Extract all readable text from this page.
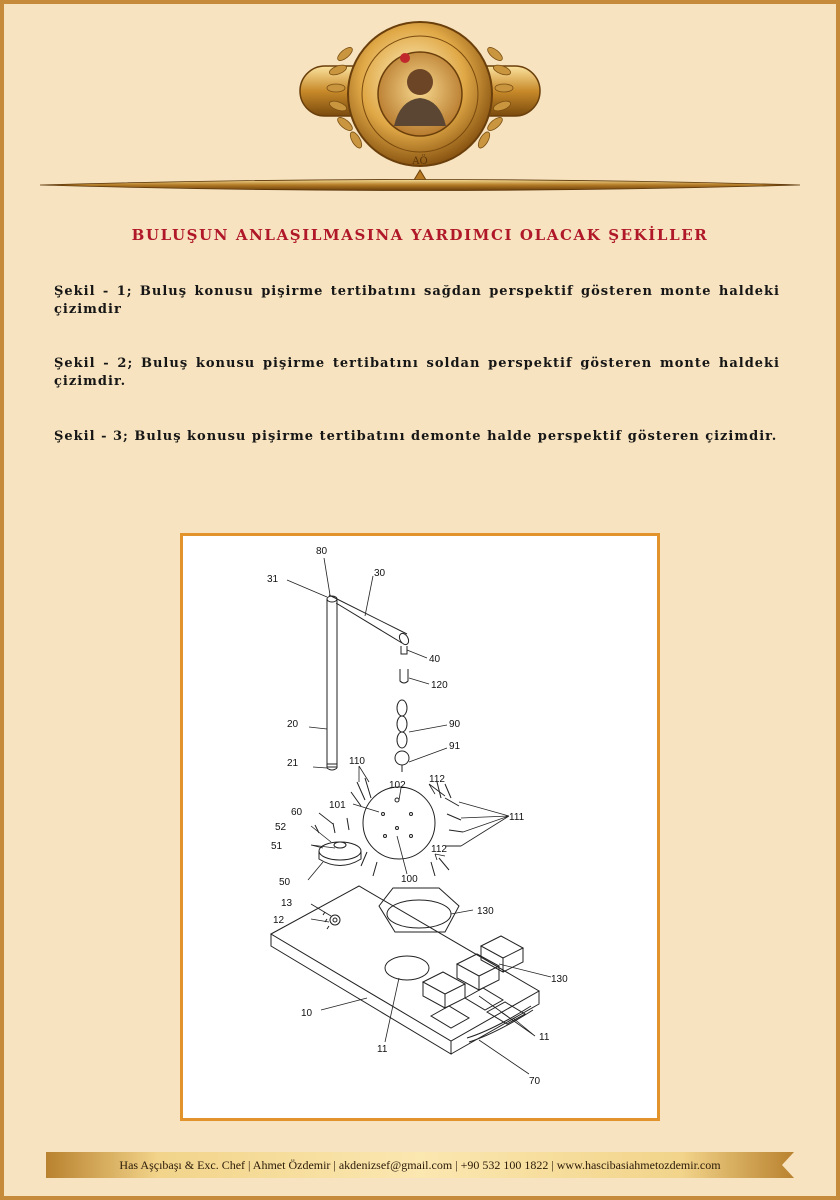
AÖ
BULUŞUN ANLAŞILMASINA YARDIMCI OLACAK ŞEKİLLER

Şekil - 1; Buluş konusu pişirme tertibatını sağdan perspektif gösteren monte haldeki çizimdir

Şekil - 2; Buluş konusu pişirme tertibatını soldan perspektif gösteren monte haldeki çizimdir.

Şekil - 3; Buluş konusu pişirme tertibatını demonte halde perspektif gösteren çizimdir.

80
31
30
40
120
20	90
91
21	110
102
112
101
111
60
52
51	112
100
50
13
130
12
130
10
11
11
70
Has Aşçıbaşı & Exc. Chef | Ahmet Özdemir | akdenizsef@gmail.com | +90 532 100 1822 | www.hascibasiahmetozdemir.com
